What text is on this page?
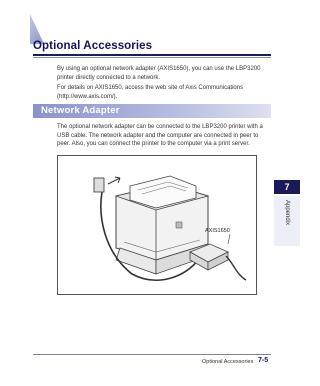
Optional Accessories

By using an optional network adapter (AXIS1650), you can use the LBP3200 printer directly connected to a network.

For details on AXIS1650, access the web site of Axis Communications (http://www.axis.com/).

Network Adapter

The optional network adapter can be connected to the LBP3200 printer with a USB cable. The network adapter and the computer are connected in peer to peer. Also, you can connect the printer to the computer via a print server.

AXIS1650
7
Appendix
Optional Accessories 7-5
